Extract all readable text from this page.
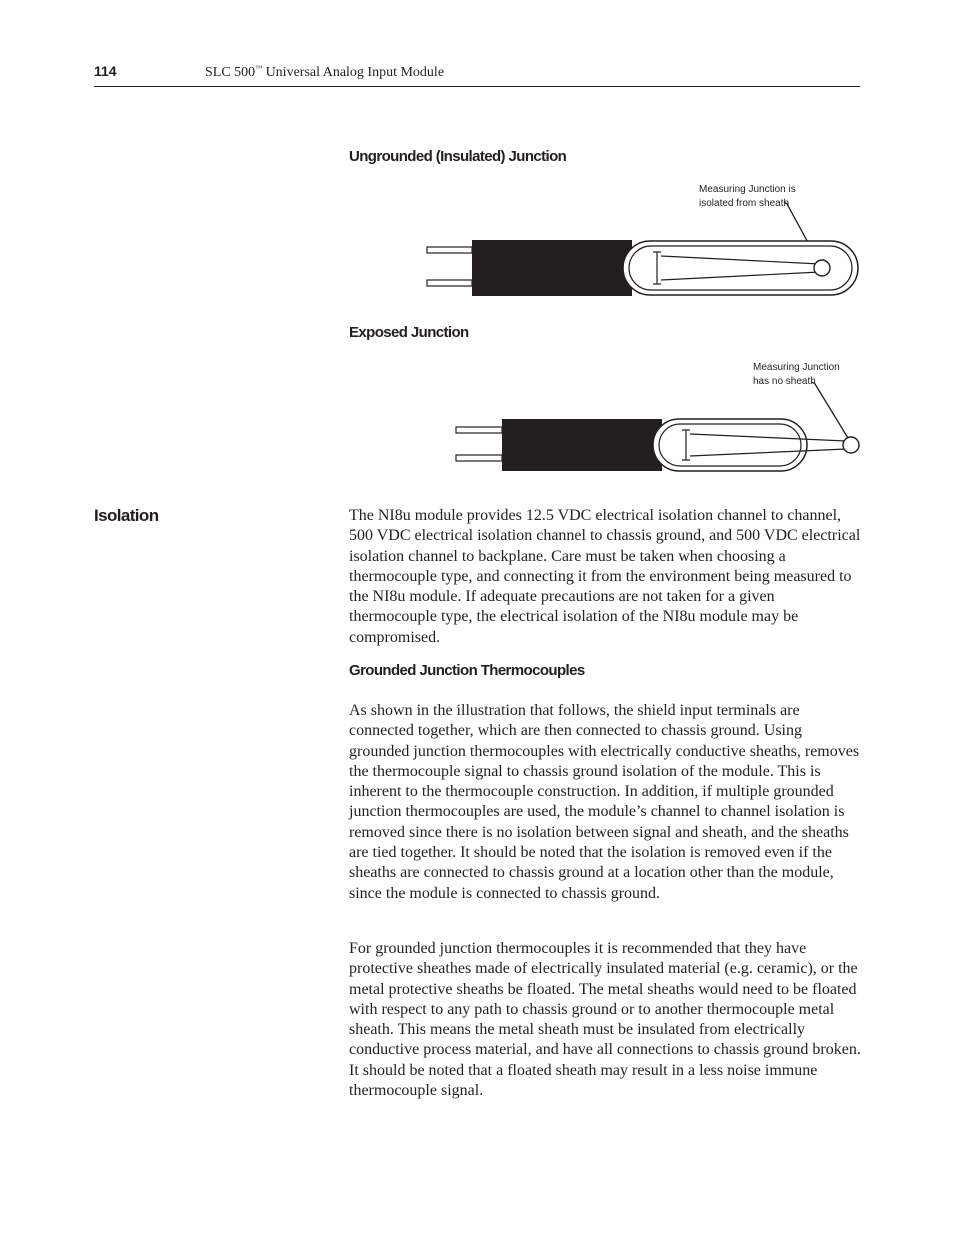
114	SLC 500™ Universal Analog Input Module
Ungrounded (Insulated) Junction
Measuring Junction is
isolated from sheath
Exposed Junction
Measuring Junction
has no sheath
Isolation	The NI8u module provides 12.5 VDC electrical isolation channel to channel, 500 VDC electrical isolation channel to chassis ground, and 500 VDC electrical isolation channel to backplane. Care must be taken when choosing a thermocouple type, and connecting it from the environment being measured to the NI8u module. If adequate precautions are not taken for a given thermocouple type, the electrical isolation of the NI8u module may be compromised.

Grounded Junction Thermocouples

As shown in the illustration that follows, the shield input terminals are connected together, which are then connected to chassis ground. Using grounded junction thermocouples with electrically conductive sheaths, removes the thermocouple signal to chassis ground isolation of the module. This is inherent to the thermocouple construction. In addition, if multiple grounded junction thermocouples are used, the module’s channel to channel isolation is removed since there is no isolation between signal and sheath, and the sheaths are tied together. It should be noted that the isolation is removed even if the sheaths are connected to chassis ground at a location other than the module, since the module is connected to chassis ground.

For grounded junction thermocouples it is recommended that they have protective sheathes made of electrically insulated material (e.g. ceramic), or the metal protective sheaths be floated. The metal sheaths would need to be floated with respect to any path to chassis ground or to another thermocouple metal sheath. This means the metal sheath must be insulated from electrically conductive process material, and have all connections to chassis ground broken. It should be noted that a floated sheath may result in a less noise immune thermocouple signal.
